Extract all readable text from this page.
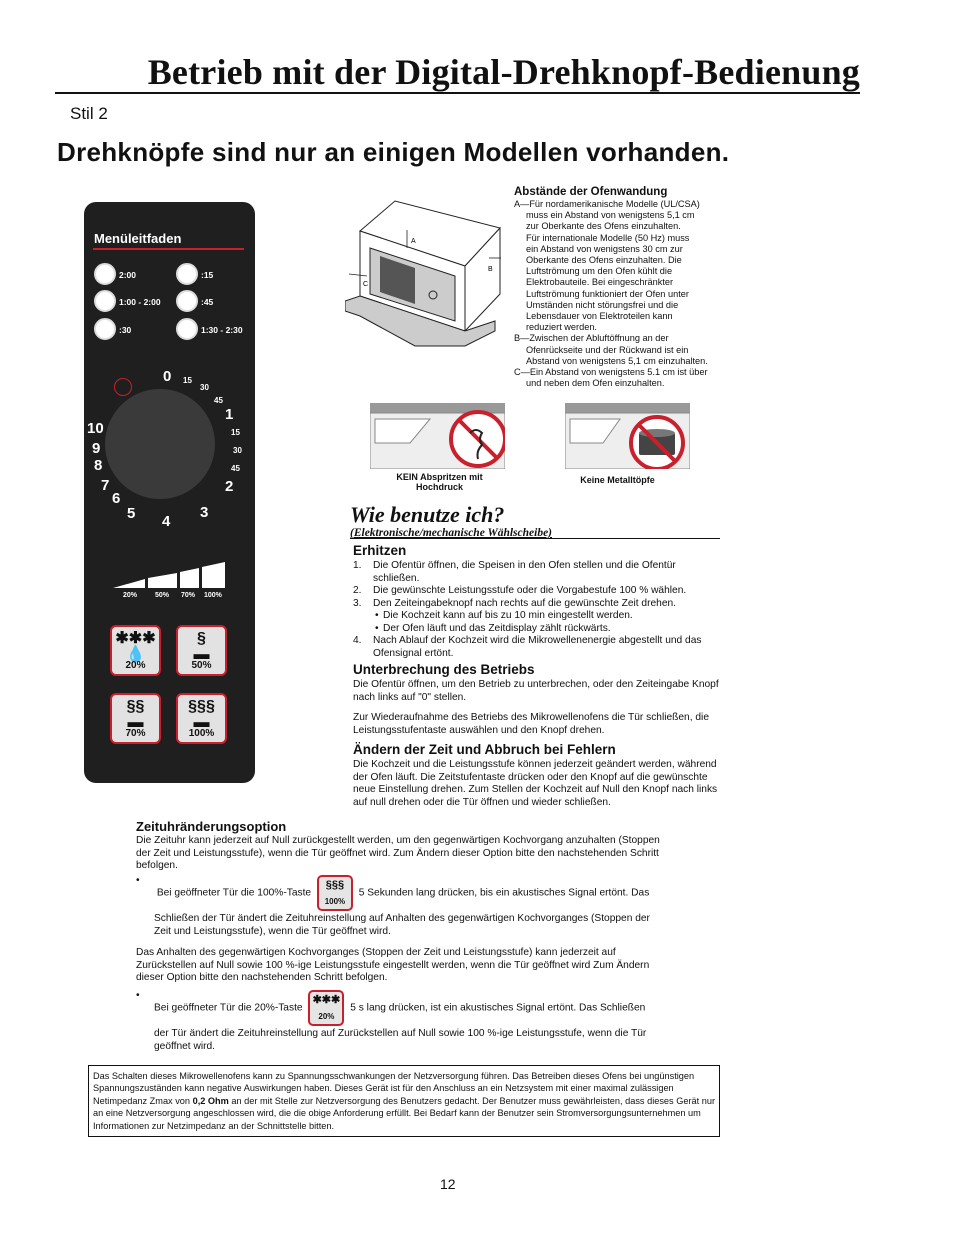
Betrieb mit der Digital-Drehknopf-Bedienung
Stil 2
Drehknöpfe sind nur an einigen Modellen vorhanden.
Menüleitfaden
2:00	:15
1:00 - 2:00	:45
:30	1:30 - 2:30
0 15
30
45
1
15
30
45
2
3
4
5
6
7
8
9
10
20%	50% 70% 100%
✱✱✱
💧
20%
§
▬
50%
§§
▬
70%
§§§
▬
100%
A
B
C
Abstände der Ofenwandung
A—Für nordamerikanische Modelle (UL/CSA)
muss ein Abstand von wenigstens 5,1 cm
zur Oberkante des Ofens einzuhalten.
Für internationale Modelle (50 Hz) muss
ein Abstand von wenigstens 30 cm zur
Oberkante des Ofens einzuhalten. Die
Luftströmung um den Ofen kühlt die
Elektrobauteile. Bei eingeschränkter
Luftströmung funktioniert der Ofen unter
Umständen nicht störungsfrei und die
Lebensdauer von Elektroteilen kann
reduziert werden.
B—Zwischen der Abluftöffnung an der
Ofenrückseite und der Rückwand ist ein
Abstand von wenigstens 5,1 cm einzuhalten.
C—Ein Abstand von wenigstens 5.1 cm ist über
und neben dem Ofen einzuhalten.
KEIN Abspritzen mit Hochdruck
Keine Metalltöpfe
Wie benutze ich?
(Elektronische/mechanische Wählscheibe)
Erhitzen
1. Die Ofentür öffnen, die Speisen in den Ofen stellen und die Ofentür schließen.
2. Die gewünschte Leistungsstufe oder die Vorgabestufe 100 % wählen.
3. Den Zeiteingabeknopf nach rechts auf die gewünschte Zeit drehen.
• Die Kochzeit kann auf bis zu 10 min eingestellt werden.
• Der Ofen läuft und das Zeitdisplay zählt rückwärts.
4. Nach Ablauf der Kochzeit wird die Mikrowellenenergie abgestellt und das Ofensignal ertönt.
Unterbrechung des Betriebs
Die Ofentür öffnen, um den Betrieb zu unterbrechen, oder den Zeiteingabe Knopf nach links auf "0" stellen.
Zur Wiederaufnahme des Betriebs des Mikrowellenofens die Tür schließen, die Leistungsstufentaste auswählen und den Knopf drehen.
Ändern der Zeit und Abbruch bei Fehlern
Die Kochzeit und die Leistungsstufe können jederzeit geändert werden, während der Ofen läuft. Die Zeitstufentaste drücken oder den Knopf auf die gewünschte neue Einstellung drehen. Zum Stellen der Kochzeit auf Null den Knopf nach links auf null drehen oder die Tür öffnen und wieder schließen.
Zeituhränderungsoption
Die Zeituhr kann jederzeit auf Null zurückgestellt werden, um den gegenwärtigen Kochvorgang anzuhalten (Stoppen der Zeit und Leistungsstufe), wenn die Tür geöffnet wird. Zum Ändern dieser Option bitte den nachstehenden Schritt befolgen.
• Bei geöffneter Tür die 100%-Taste
§§§
100%
5 Sekunden lang drücken, bis ein akustisches Signal ertönt. Das
Schließen der Tür ändert die Zeituhreinstellung auf Anhalten des gegenwärtigen Kochvorganges (Stoppen der Zeit und Leistungsstufe), wenn die Tür geöffnet wird.
Das Anhalten des gegenwärtigen Kochvorganges (Stoppen der Zeit und Leistungsstufe) kann jederzeit auf Zurückstellen auf Null sowie 100 %-ige Leistungsstufe eingestellt werden, wenn die Tür geöffnet wird Zum Ändern dieser Option bitte den nachstehenden Schritt befolgen.
• Bei geöffneter Tür die 20%-Taste
✱✱✱
20%
5 s lang drücken, ist ein akustisches Signal ertönt. Das Schließen
der Tür ändert die Zeituhreinstellung auf Zurückstellen auf Null sowie 100 %-ige Leistungsstufe, wenn die Tür geöffnet wird.
Das Schalten dieses Mikrowellenofens kann zu Spannungsschwankungen der Netzversorgung führen. Das Betreiben dieses Ofens bei ungünstigen Spannungszuständen kann negative Auswirkungen haben. Dieses Gerät ist für den Anschluss an ein Netzsystem mit einer maximal zulässigen Netimpedanz Zmax von 0,2 Ohm an der mit Stelle zur Netzversorgung des Benutzers gedacht. Der Benutzer muss gewährleisten, dass dieses Gerät nur an eine Netzversorgung angeschlossen wird, die die obige Anforderung erfüllt. Bei Bedarf kann der Benutzer sein Stromversorgungsunternehmen um Informationen zur Netzimpedanz an der Schnittstelle bitten.
12
